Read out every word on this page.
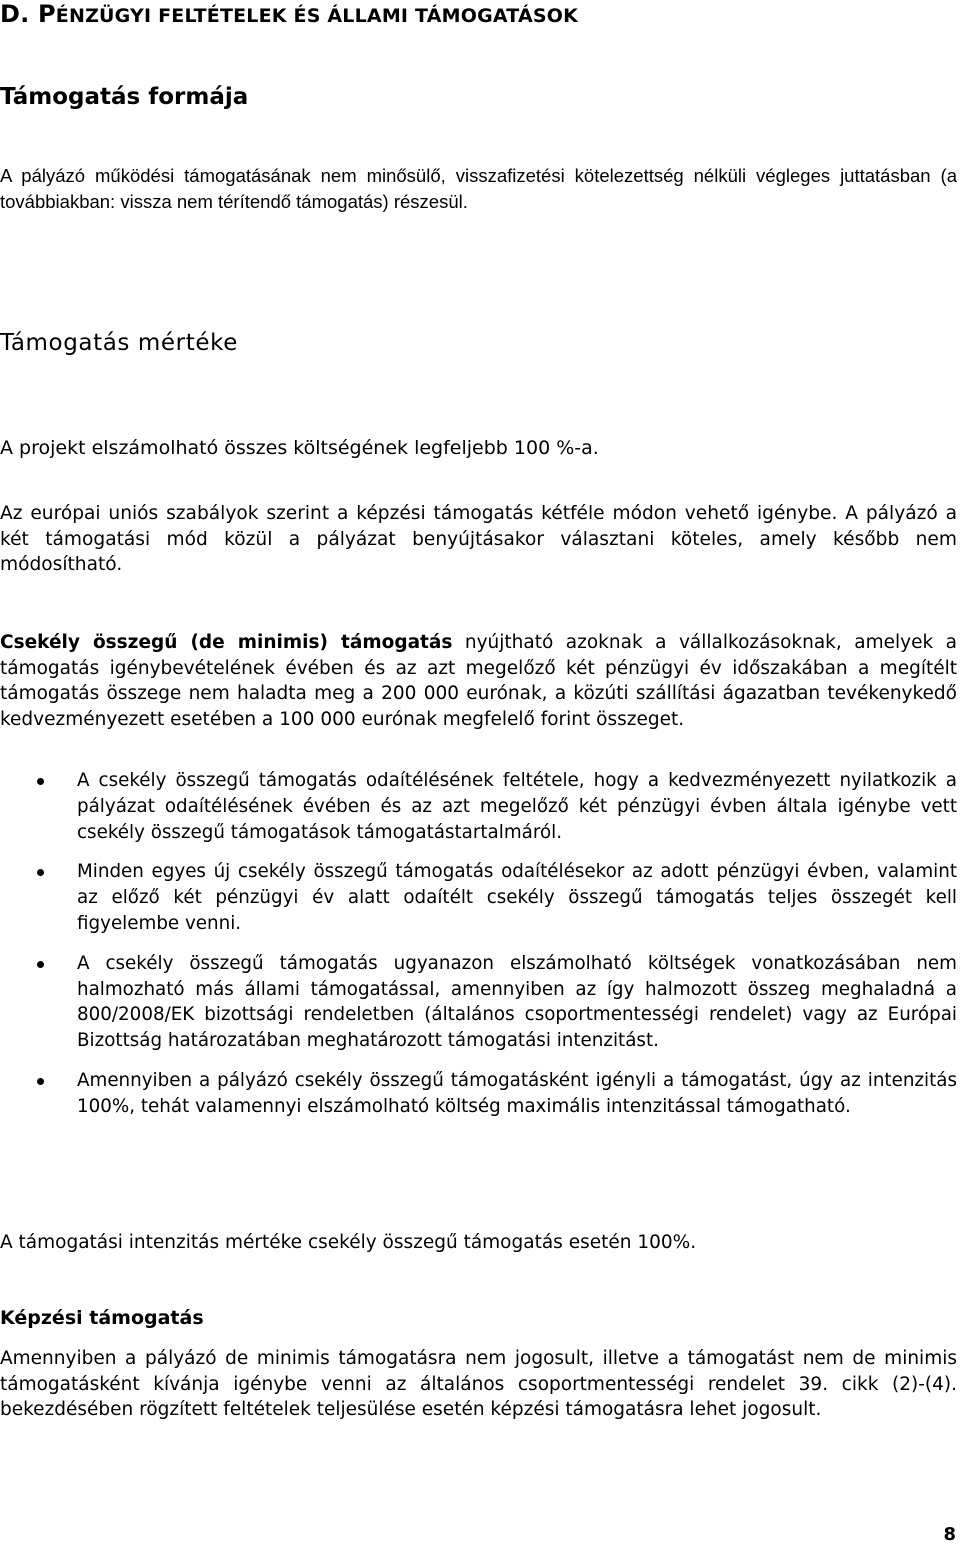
D. PÉNZÜGYI FELTÉTELEK ÉS ÁLLAMI TÁMOGATÁSOK
Támogatás formája

A pályázó működési támogatásának nem minősülő, visszafizetési kötelezettség nélküli végleges juttatásban (a továbbiakban: vissza nem térítendő támogatás) részesül.

Támogatás mértéke

A projekt elszámolható összes költségének legfeljebb 100 %-a.

Az európai uniós szabályok szerint a képzési támogatás kétféle módon vehető igénybe. A pályázó a két támogatási mód közül a pályázat benyújtásakor választani köteles, amely később nem módosítható.

Csekély összegű (de minimis) támogatás nyújtható azoknak a vállalkozásoknak, amelyek a támogatás igénybevételének évében és az azt megelőző két pénzügyi év időszakában a megítélt támogatás összege nem haladta meg a 200 000 eurónak, a közúti szállítási ágazatban tevékenykedő kedvezményezett esetében a 100 000 eurónak megfelelő forint összeget.

A csekély összegű támogatás odaítélésének feltétele, hogy a kedvezményezett nyilatkozik a pályázat odaítélésének évében és az azt megelőző két pénzügyi évben általa igénybe vett csekély összegű támogatások támogatástartalmáról.
Minden egyes új csekély összegű támogatás odaítélésekor az adott pénzügyi évben, valamint az előző két pénzügyi év alatt odaítélt csekély összegű támogatás teljes összegét kell figyelembe venni.
A csekély összegű támogatás ugyanazon elszámolható költségek vonatkozásában nem halmozható más állami támogatással, amennyiben az így halmozott összeg meghaladná a 800/2008/EK bizottsági rendeletben (általános csoportmentességi rendelet) vagy az Európai Bizottság határozatában meghatározott támogatási intenzitást.
Amennyiben a pályázó csekély összegű támogatásként igényli a támogatást, úgy az intenzitás 100%, tehát valamennyi elszámolható költség maximális intenzitással támogatható.

A támogatási intenzitás mértéke csekély összegű támogatás esetén 100%.

Képzési támogatás

Amennyiben a pályázó de minimis támogatásra nem jogosult, illetve a támogatást nem de minimis támogatásként kívánja igénybe venni az általános csoportmentességi rendelet 39. cikk (2)-(4). bekezdésében rögzített feltételek teljesülése esetén képzési támogatásra lehet jogosult.

8
